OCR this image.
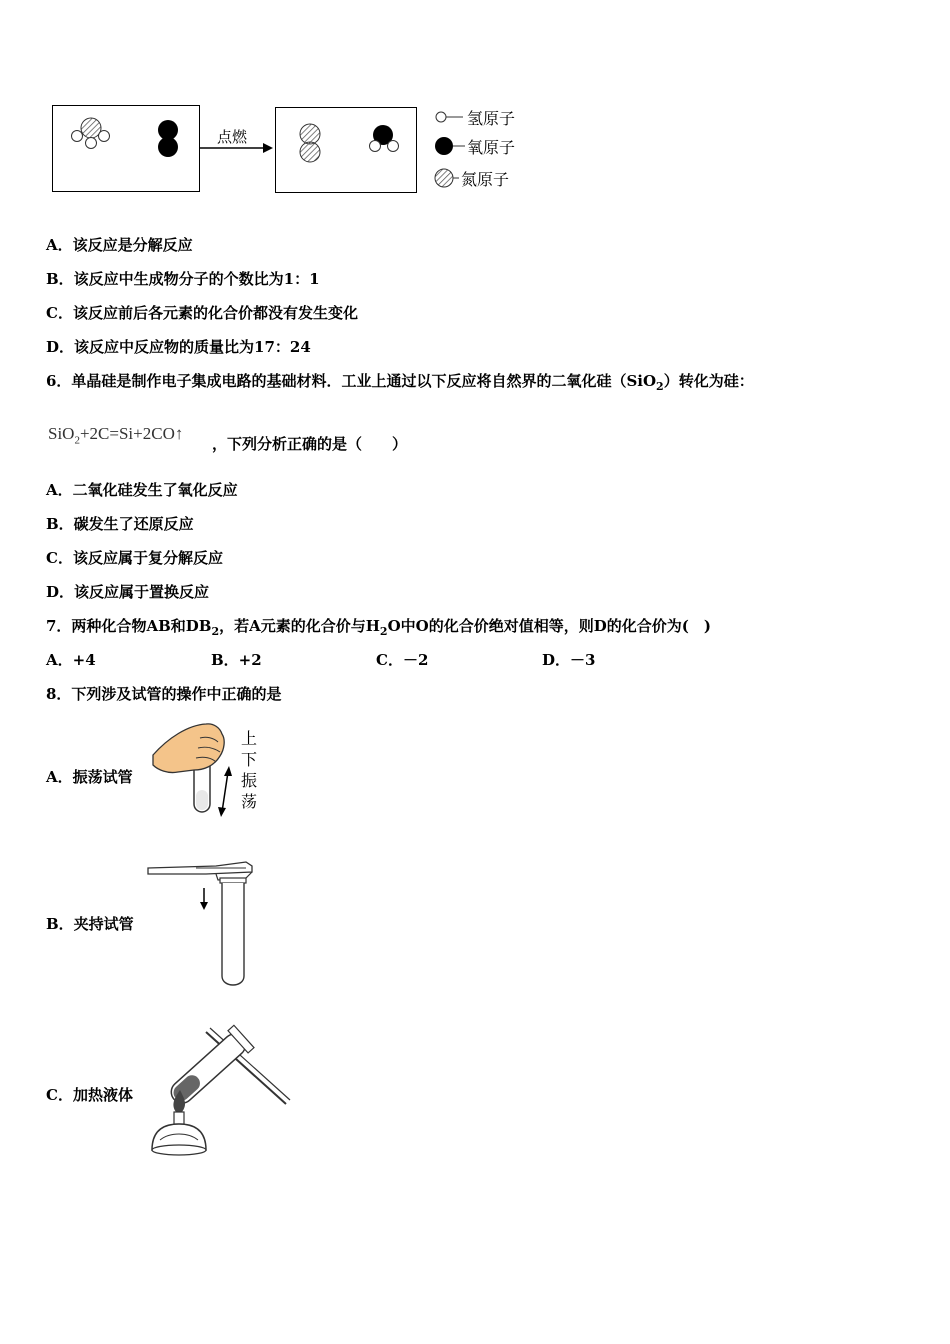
点燃
氢原子
氧原子
氮原子
A．该反应是分解反应
B．该反应中生成物分子的个数比为1：1
C．该反应前后各元素的化合价都没有发生变化
D．该反应中反应物的质量比为17：24
6．单晶硅是制作电子集成电路的基础材料．工业上通过以下反应将自然界的二氧化硅（SiO$_2$）转化为硅：
SiO$_2$+2C=Si+2CO↑
，下列分析正确的是（　　）
A．二氧化硅发生了氧化反应
B．碳发生了还原反应
C．该反应属于复分解反应
D．该反应属于置换反应
7．两种化合物AB和$DB_2$，若A元素的化合价与$H_2O$中O的化合价绝对值相等，则D的化合价为(　)
A．+4	B．+2	C．－2	D．－3
8．下列涉及试管的操作中正确的是
A．振荡试管
上
下
振
荡
B．夹持试管
C．加热液体
